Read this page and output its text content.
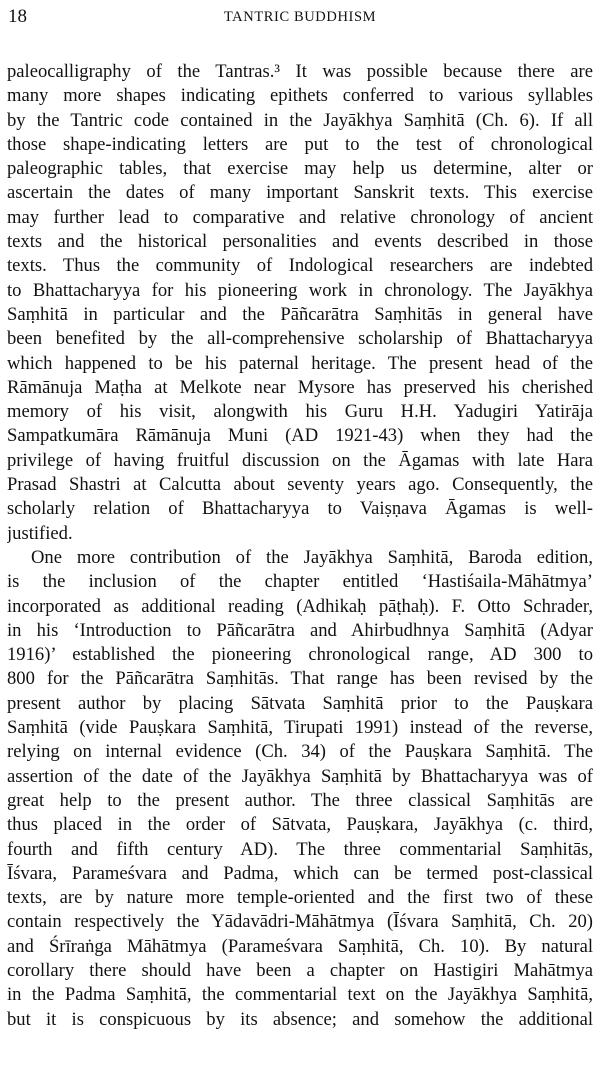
18	TANTRIC BUDDHISM
paleocalligraphy of the Tantras.³ It was possible because there are
many more shapes indicating epithets conferred to various syllables
by the Tantric code contained in the Jayākhya Saṃhitā (Ch. 6). If all
those shape-indicating letters are put to the test of chronological
paleographic tables, that exercise may help us determine, alter or
ascertain the dates of many important Sanskrit texts. This exercise
may further lead to comparative and relative chronology of ancient
texts and the historical personalities and events described in those
texts. Thus the community of Indological researchers are indebted
to Bhattacharyya for his pioneering work in chronology. The Jayākhya
Saṃhitā in particular and the Pāñcarātra Saṃhitās in general have
been benefited by the all-comprehensive scholarship of Bhattacharyya
which happened to be his paternal heritage. The present head of the
Rāmānuja Maṭha at Melkote near Mysore has preserved his cherished
memory of his visit, alongwith his Guru H.H. Yadugiri Yatirāja
Sampatkumāra Rāmānuja Muni (AD 1921-43) when they had the
privilege of having fruitful discussion on the Āgamas with late Hara
Prasad Shastri at Calcutta about seventy years ago. Consequently, the
scholarly relation of Bhattacharyya to Vaiṣṇava Āgamas is well-
justified.
One more contribution of the Jayākhya Saṃhitā, Baroda edition,
is the inclusion of the chapter entitled ‘Hastiśaila-Māhātmya’
incorporated as additional reading (Adhikaḥ pāṭhaḥ). F. Otto Schrader,
in his ‘Introduction to Pāñcarātra and Ahirbudhnya Saṃhitā (Adyar
1916)’ established the pioneering chronological range, AD 300 to
800 for the Pāñcarātra Saṃhitās. That range has been revised by the
present author by placing Sātvata Saṃhitā prior to the Pauṣkara
Saṃhitā (vide Pauṣkara Saṃhitā, Tirupati 1991) instead of the reverse,
relying on internal evidence (Ch. 34) of the Pauṣkara Saṃhitā. The
assertion of the date of the Jayākhya Saṃhitā by Bhattacharyya was of
great help to the present author. The three classical Saṃhitās are
thus placed in the order of Sātvata, Pauṣkara, Jayākhya (c. third,
fourth and fifth century AD). The three commentarial Saṃhitās,
Īśvara, Parameśvara and Padma, which can be termed post-classical
texts, are by nature more temple-oriented and the first two of these
contain respectively the Yādavādri-Māhātmya (Īśvara Saṃhitā, Ch. 20)
and Śrīraṅga Māhātmya (Parameśvara Saṃhitā, Ch. 10). By natural
corollary there should have been a chapter on Hastigiri Mahātmya
in the Padma Saṃhitā, the commentarial text on the Jayākhya Saṃhitā,
but it is conspicuous by its absence; and somehow the additional
